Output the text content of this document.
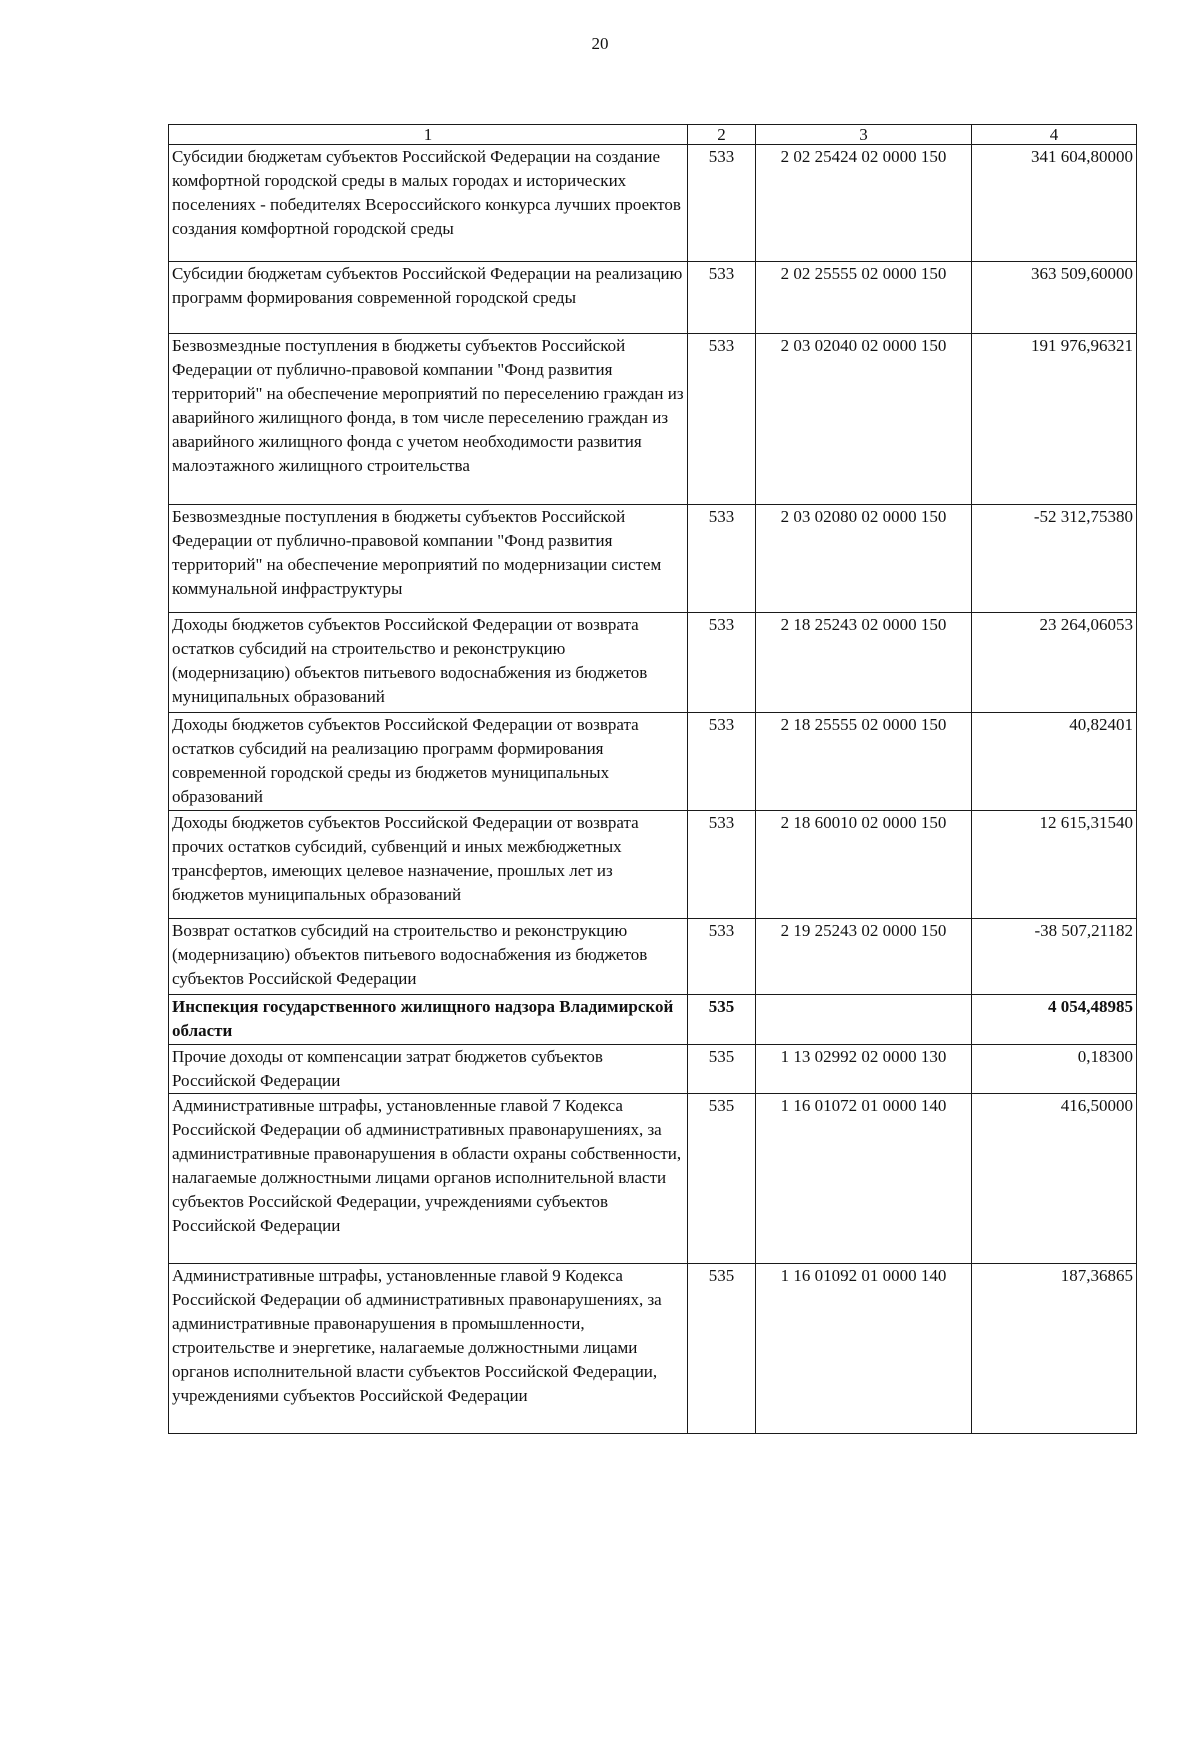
20
1	2	3	4
Субсидии бюджетам субъектов Российской Федерации на создание комфортной городской среды в малых городах и исторических поселениях - победителях Всероссийского конкурса лучших проектов создания комфортной городской среды	533	2 02 25424 02 0000 150	341 604,80000
Субсидии бюджетам субъектов Российской Федерации на реализацию программ формирования современной городской среды	533	2 02 25555 02 0000 150	363 509,60000
Безвозмездные поступления в бюджеты субъектов Российской Федерации от публично-правовой компании "Фонд развития территорий" на обеспечение мероприятий по переселению граждан из аварийного жилищного фонда, в том числе переселению граждан из аварийного жилищного фонда с учетом необходимости развития малоэтажного жилищного строительства	533	2 03 02040 02 0000 150	191 976,96321
Безвозмездные поступления в бюджеты субъектов Российской Федерации от публично-правовой компании "Фонд развития территорий" на обеспечение мероприятий по модернизации систем коммунальной инфраструктуры	533	2 03 02080 02 0000 150	-52 312,75380
Доходы бюджетов субъектов Российской Федерации от возврата остатков субсидий на строительство и реконструкцию (модернизацию) объектов питьевого водоснабжения из бюджетов муниципальных образований	533	2 18 25243 02 0000 150	23 264,06053
Доходы бюджетов субъектов Российской Федерации от возврата остатков субсидий на реализацию программ формирования современной городской среды из бюджетов муниципальных образований	533	2 18 25555 02 0000 150	40,82401
Доходы бюджетов субъектов Российской Федерации от возврата прочих остатков субсидий, субвенций и иных межбюджетных трансфертов, имеющих целевое назначение, прошлых лет из бюджетов муниципальных образований	533	2 18 60010 02 0000 150	12 615,31540
Возврат остатков субсидий на строительство и реконструкцию (модернизацию) объектов питьевого водоснабжения из бюджетов субъектов Российской Федерации	533	2 19 25243 02 0000 150	-38 507,21182
Инспекция государственного жилищного надзора Владимирской области	535		4 054,48985
Прочие доходы от компенсации затрат бюджетов субъектов Российской Федерации	535	1 13 02992 02 0000 130	0,18300
Административные штрафы, установленные главой 7 Кодекса Российской Федерации об административных правонарушениях, за административные правонарушения в области охраны собственности, налагаемые должностными лицами органов исполнительной власти субъектов Российской Федерации, учреждениями субъектов Российской Федерации	535	1 16 01072 01 0000 140	416,50000
Административные штрафы, установленные главой 9 Кодекса Российской Федерации об административных правонарушениях, за административные правонарушения в промышленности, строительстве и энергетике, налагаемые должностными лицами органов исполнительной власти субъектов Российской Федерации, учреждениями субъектов Российской Федерации	535	1 16 01092 01 0000 140	187,36865
